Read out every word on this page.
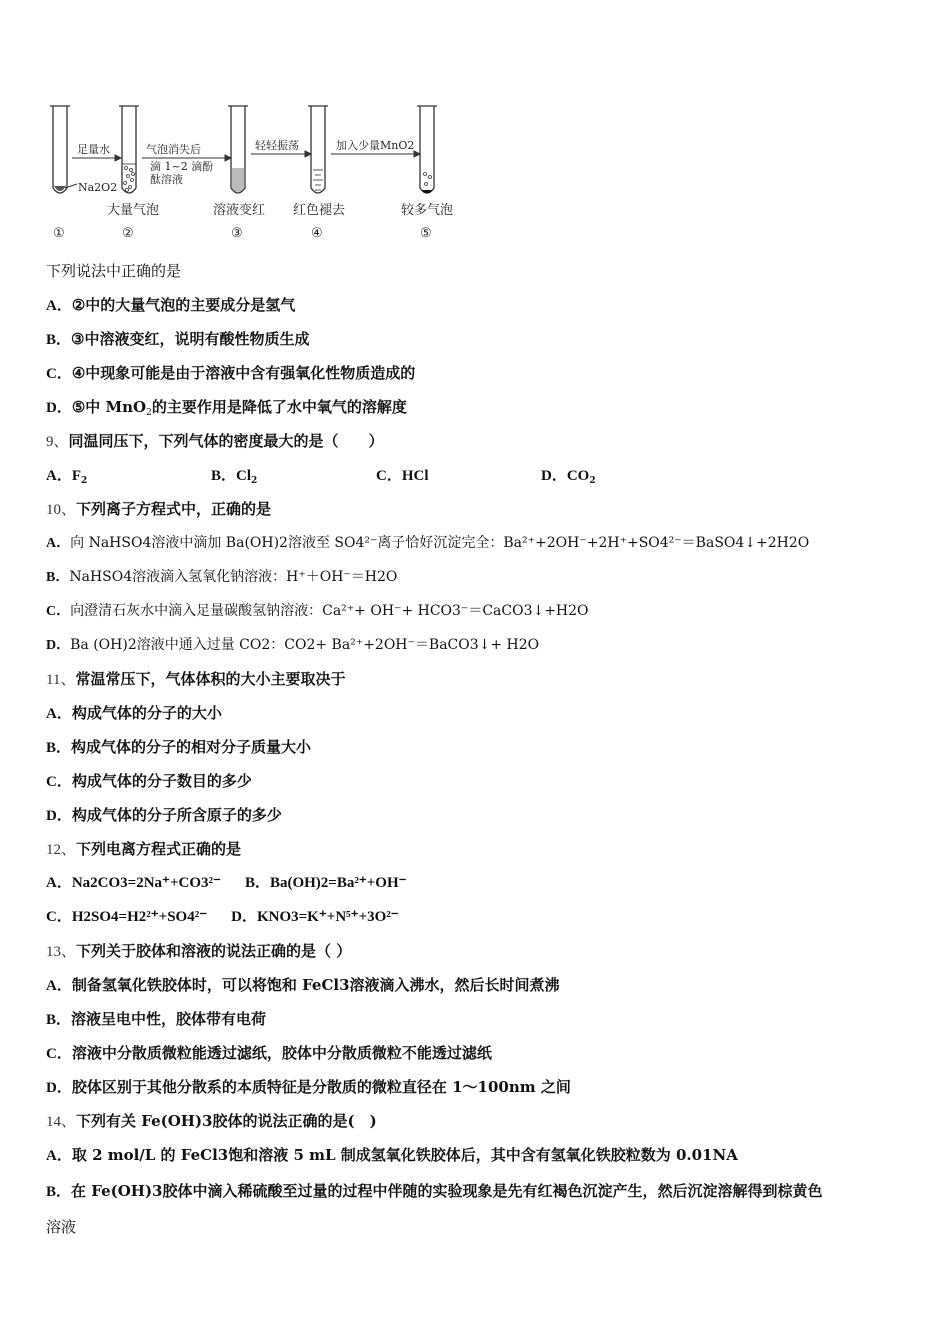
足量水	气泡消失后
滴 1~2 滴酚
酞溶液
轻轻振荡	加入少量MnO2
Na2O2
大量气泡	溶液变红 红色褪去	较多气泡
①	②	③	④	⑤
下列说法中正确的是
A．②中的大量气泡的主要成分是氢气
B．③中溶液变红，说明有酸性物质生成
C．④中现象可能是由于溶液中含有强氧化性物质造成的
D．⑤中 MnO$_2$的主要作用是降低了水中氧气的溶解度
9、同温同压下，下列气体的密度最大的是（　　）
A．$F_2$	B．$Cl_2$	C．HCl	D．$CO_2$
10、下列离子方程式中，正确的是
A．向 NaHSO4溶液中滴加 Ba(OH)2溶液至 SO4²⁻离子恰好沉淀完全：Ba²⁺+2OH⁻+2H⁺+SO4²⁻＝BaSO4↓+2H2O
B．NaHSO4溶液滴入氢氧化钠溶液：H⁺＋OH⁻＝H2O
C．向澄清石灰水中滴入足量碳酸氢钠溶液：Ca²⁺+ OH⁻+ HCO3⁻＝CaCO3↓+H2O
D．Ba (OH)2溶液中通入过量 CO2：CO2+ Ba²⁺+2OH⁻＝BaCO3↓+ H2O
11、常温常压下，气体体积的大小主要取决于
A．构成气体的分子的大小
B．构成气体的分子的相对分子质量大小
C．构成气体的分子数目的多少
D．构成气体的分子所含原子的多少
12、下列电离方程式正确的是
A．Na2CO3=2Na⁺+CO3²⁻ B．Ba(OH)2=Ba²⁺+OH⁻
C．H2SO4=H2²⁺+SO4²⁻ D．KNO3=K⁺+N⁵⁺+3O²⁻
13、下列关于胶体和溶液的说法正确的是（ ）
A．制备氢氧化铁胶体时，可以将饱和 FeCl3溶液滴入沸水，然后长时间煮沸
B．溶液呈电中性，胶体带有电荷
C．溶液中分散质微粒能透过滤纸，胶体中分散质微粒不能透过滤纸
D．胶体区别于其他分散系的本质特征是分散质的微粒直径在 1～100nm 之间
14、下列有关 Fe(OH)3胶体的说法正确的是(　)
A．取 2 mol/L 的 FeCl3饱和溶液 5 mL 制成氢氧化铁胶体后，其中含有氢氧化铁胶粒数为 0.01NA
B．在 Fe(OH)3胶体中滴入稀硫酸至过量的过程中伴随的实验现象是先有红褐色沉淀产生，然后沉淀溶解得到棕黄色
溶液
